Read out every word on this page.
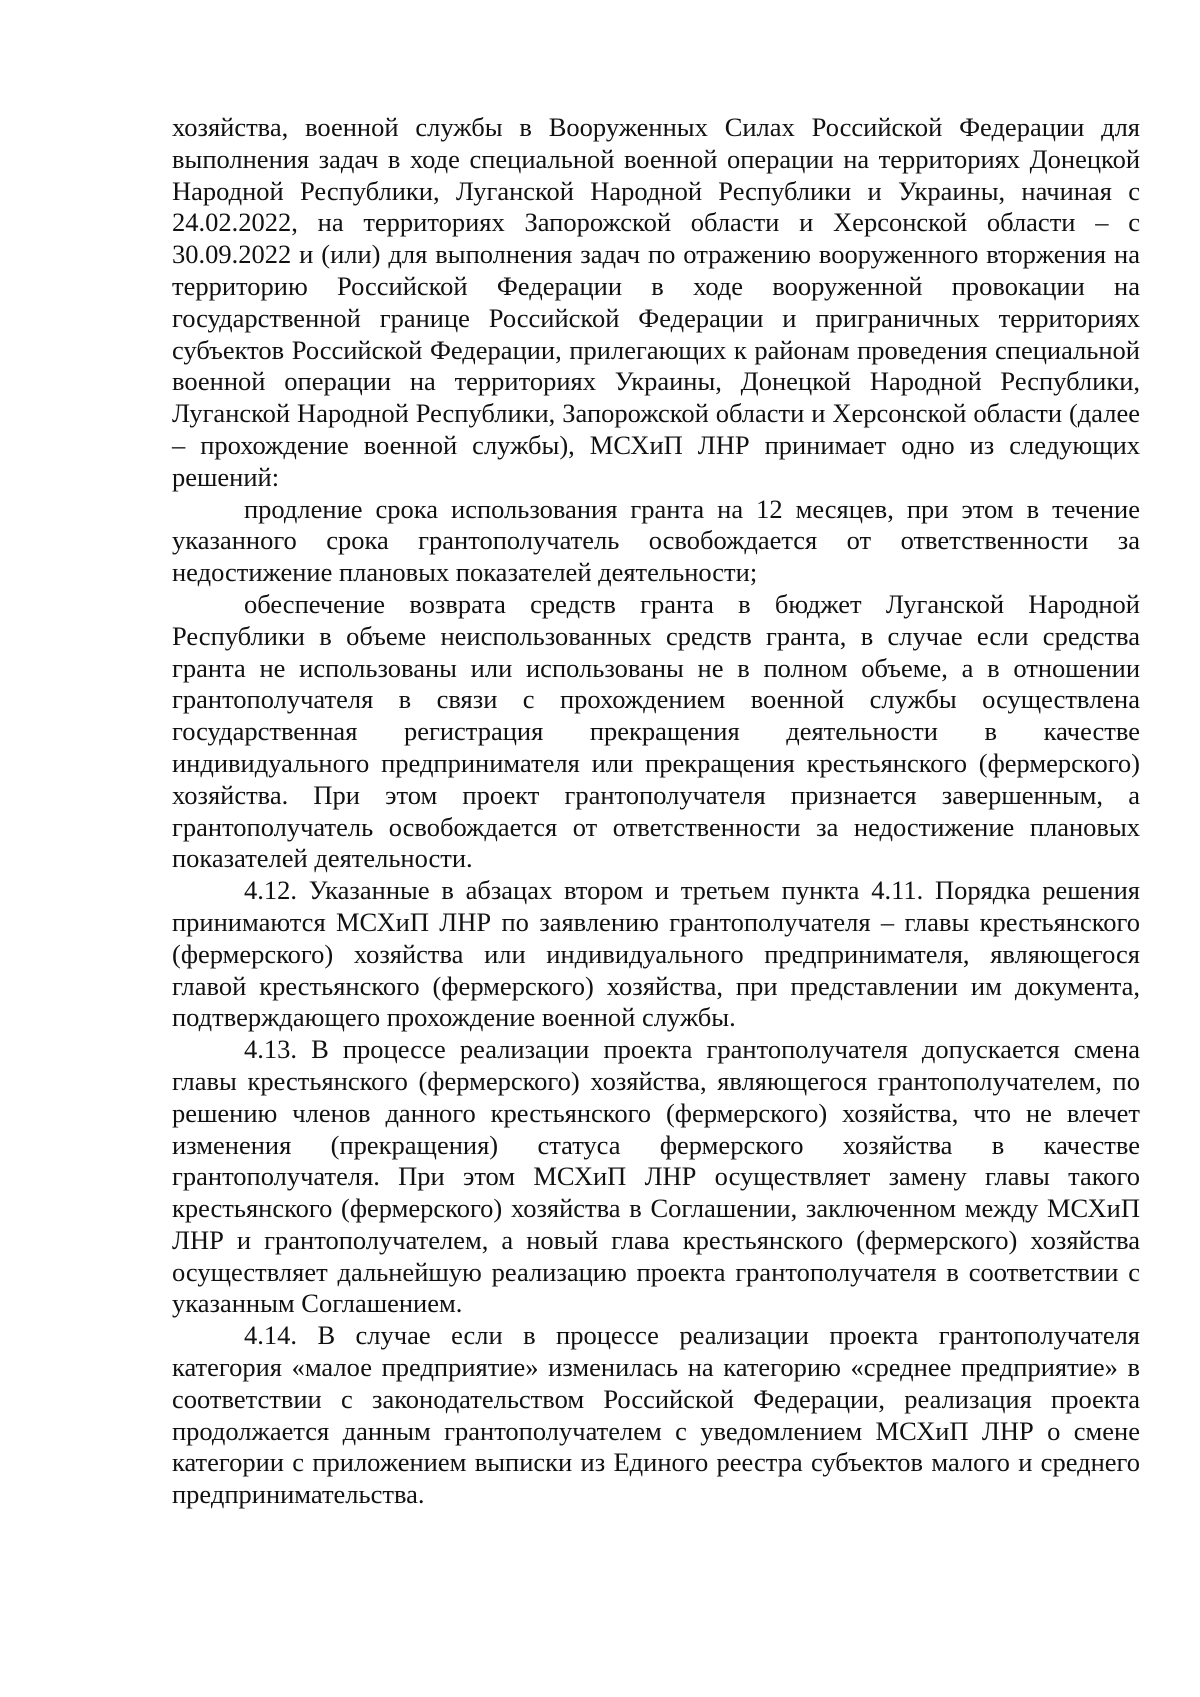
хозяйства, военной службы в Вооруженных Силах Российской Федерации для выполнения задач в ходе специальной военной операции на территориях Донецкой Народной Республики, Луганской Народной Республики и Украины, начиная с 24.02.2022, на территориях Запорожской области и Херсонской области – с 30.09.2022 и (или) для выполнения задач по отражению вооруженного вторжения на территорию Российской Федерации в ходе вооруженной провокации на государственной границе Российской Федерации и приграничных территориях субъектов Российской Федерации, прилегающих к районам проведения специальной военной операции на территориях Украины, Донецкой Народной Республики, Луганской Народной Республики, Запорожской области и Херсонской области (далее – прохождение военной службы), МСХиП ЛНР принимает одно из следующих решений:

продление срока использования гранта на 12 месяцев, при этом в течение указанного срока грантополучатель освобождается от ответственности за недостижение плановых показателей деятельности;

обеспечение возврата средств гранта в бюджет Луганской Народной Республики в объеме неиспользованных средств гранта, в случае если средства гранта не использованы или использованы не в полном объеме, а в отношении грантополучателя в связи с прохождением военной службы осуществлена государственная регистрация прекращения деятельности в качестве индивидуального предпринимателя или прекращения крестьянского (фермерского) хозяйства. При этом проект грантополучателя признается завершенным, а грантополучатель освобождается от ответственности за недостижение плановых показателей деятельности.

4.12. Указанные в абзацах втором и третьем пункта 4.11. Порядка решения принимаются МСХиП ЛНР по заявлению грантополучателя – главы крестьянского (фермерского) хозяйства или индивидуального предпринимателя, являющегося главой крестьянского (фермерского) хозяйства, при представлении им документа, подтверждающего прохождение военной службы.

4.13. В процессе реализации проекта грантополучателя допускается смена главы крестьянского (фермерского) хозяйства, являющегося грантополучателем, по решению членов данного крестьянского (фермерского) хозяйства, что не влечет изменения (прекращения) статуса фермерского хозяйства в качестве грантополучателя. При этом МСХиП ЛНР осуществляет замену главы такого крестьянского (фермерского) хозяйства в Соглашении, заключенном между МСХиП ЛНР и грантополучателем, а новый глава крестьянского (фермерского) хозяйства осуществляет дальнейшую реализацию проекта грантополучателя в соответствии с указанным Соглашением.

4.14. В случае если в процессе реализации проекта грантополучателя категория «малое предприятие» изменилась на категорию «среднее предприятие» в соответствии с законодательством Российской Федерации, реализация проекта продолжается данным грантополучателем с уведомлением МСХиП ЛНР о смене категории с приложением выписки из Единого реестра субъектов малого и среднего предпринимательства.
